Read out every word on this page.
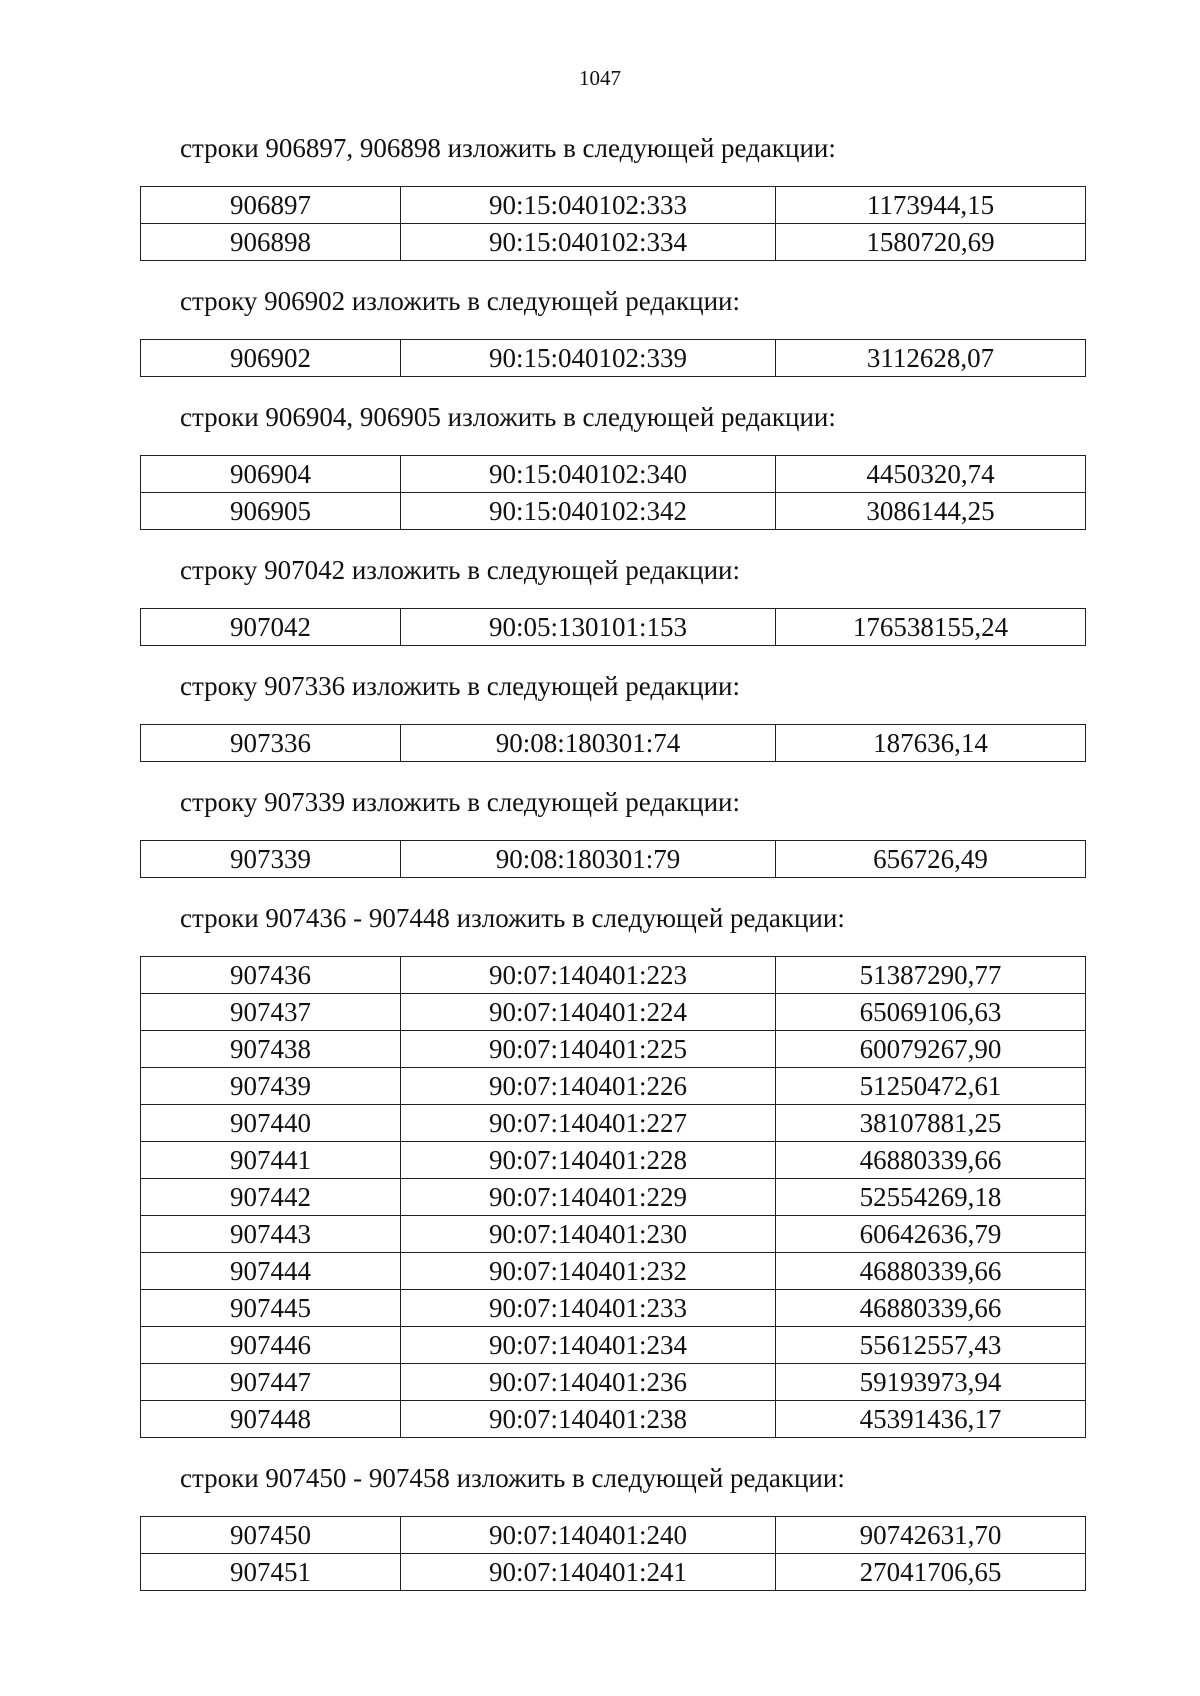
1047

строки 906897, 906898 изложить в следующей редакции:

906897	90:15:040102:333	1173944,15
906898	90:15:040102:334	1580720,69

строку 906902 изложить в следующей редакции:

906902	90:15:040102:339	3112628,07

строки 906904, 906905 изложить в следующей редакции:

906904	90:15:040102:340	4450320,74
906905	90:15:040102:342	3086144,25

строку 907042 изложить в следующей редакции:

907042	90:05:130101:153	176538155,24

строку 907336 изложить в следующей редакции:

907336	90:08:180301:74	187636,14

строку 907339 изложить в следующей редакции:

907339	90:08:180301:79	656726,49

строки 907436 - 907448 изложить в следующей редакции:

907436	90:07:140401:223	51387290,77
907437	90:07:140401:224	65069106,63
907438	90:07:140401:225	60079267,90
907439	90:07:140401:226	51250472,61
907440	90:07:140401:227	38107881,25
907441	90:07:140401:228	46880339,66
907442	90:07:140401:229	52554269,18
907443	90:07:140401:230	60642636,79
907444	90:07:140401:232	46880339,66
907445	90:07:140401:233	46880339,66
907446	90:07:140401:234	55612557,43
907447	90:07:140401:236	59193973,94
907448	90:07:140401:238	45391436,17

строки 907450 - 907458 изложить в следующей редакции:

907450	90:07:140401:240	90742631,70
907451	90:07:140401:241	27041706,65
